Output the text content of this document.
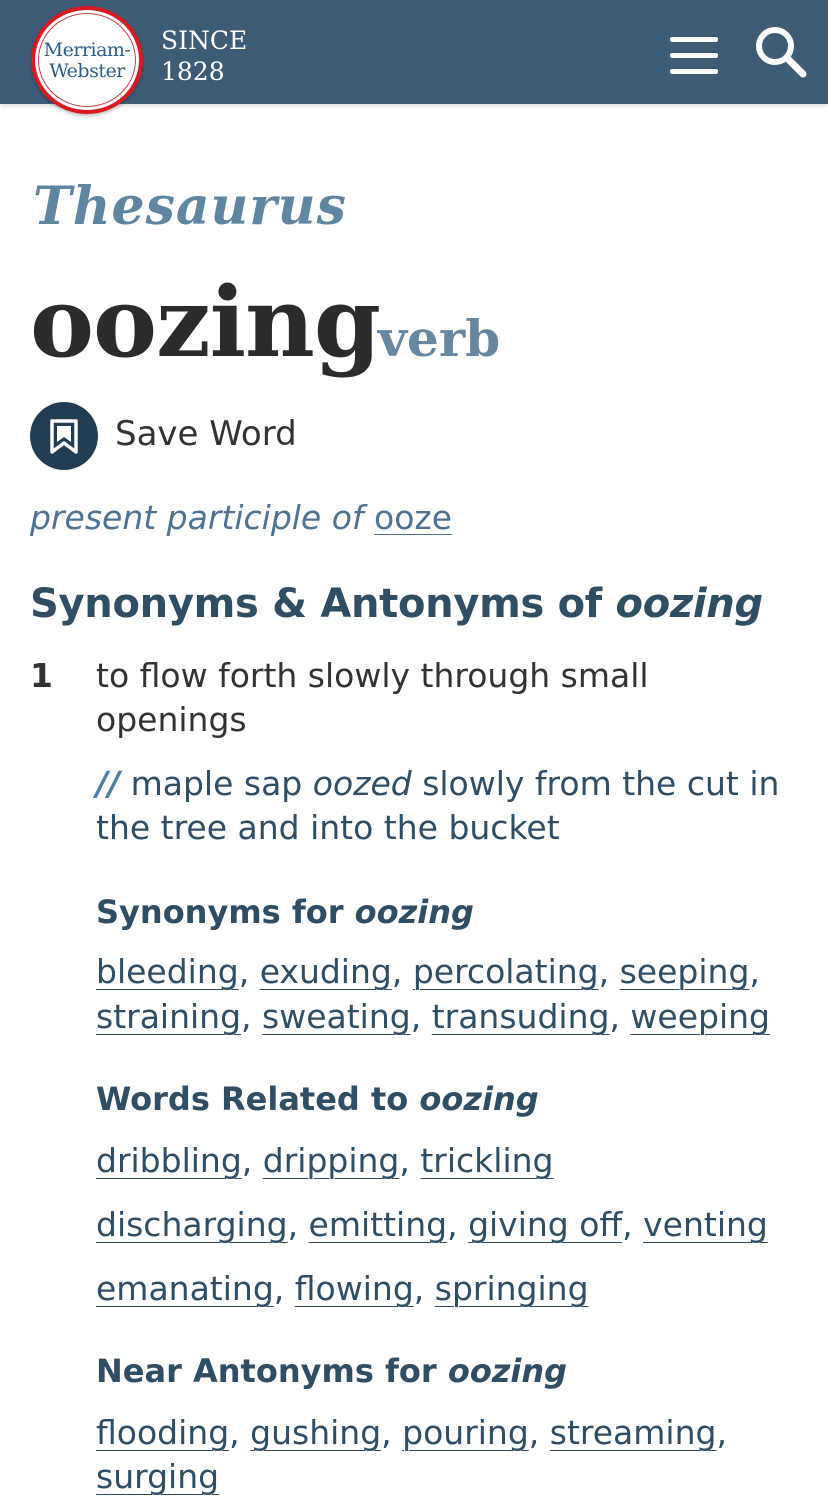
Merriam-
Webster
SINCE
1828
Thesaurus
oozing
verb
Save Word
present participle of ooze
Synonyms & Antonyms of oozing
1 to flow forth slowly through small openings
// maple sap oozed slowly from the cut in the tree and into the bucket
Synonyms for oozing
bleeding, exuding, percolating, seeping,
straining, sweating, transuding, weeping
Words Related to oozing
dribbling, dripping, trickling
discharging, emitting, giving off, venting
emanating, flowing, springing
Near Antonyms for oozing
flooding, gushing, pouring, streaming,
surging
